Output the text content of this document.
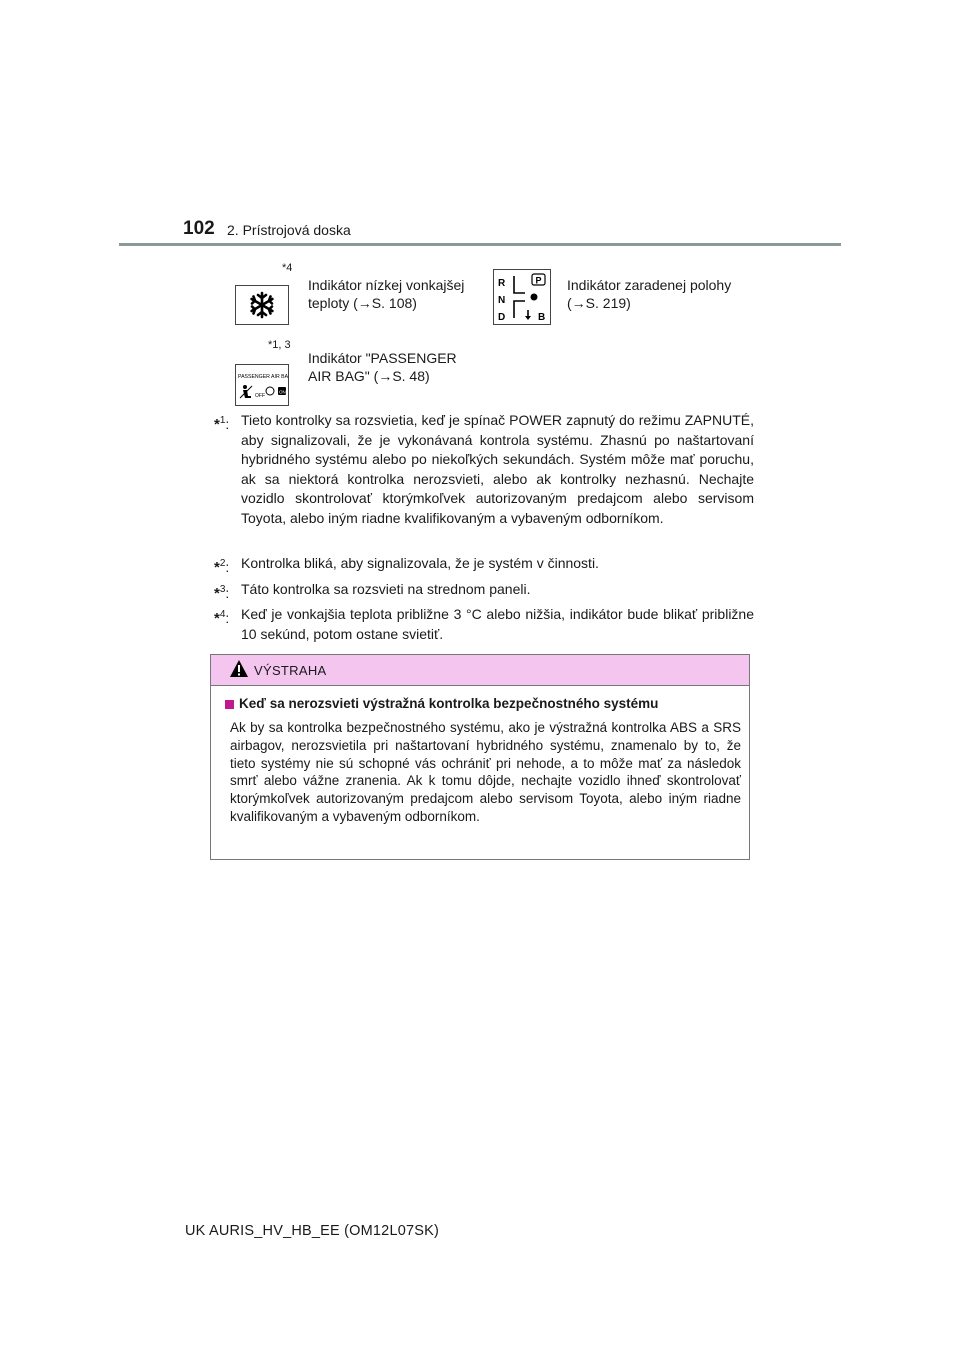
102 2. Prístrojová doska
*4
Indikátor nízkej vonkajšej teploty (→S. 108)
R
N
D	B
P Indikátor zaradenej polohy (→S. 219)
*1, 3
PASSENGER AIR BAG
OFF
ON
Indikátor "PASSENGER AIR BAG" (→S. 48)
*$^1$: Tieto kontrolky sa rozsvietia, keď je spínač POWER zapnutý do režimu ZAPNUTÉ, aby signalizovali, že je vykonávaná kontrola systému. Zhasnú po naštartovaní hybridného systému alebo po niekoľkých sekundách. Systém môže mať poruchu, ak sa niektorá kontrolka nerozsvieti, alebo ak kontrolky nezhasnú. Nechajte vozidlo skontrolovať ktorýmkoľvek autorizovaným predajcom alebo servisom Toyota, alebo iným riadne kvalifikovaným a vybaveným odborníkom.
*$^2$: Kontrolka bliká, aby signalizovala, že je systém v činnosti.
*$^3$: Táto kontrolka sa rozsvieti na strednom paneli.
*$^4$: Keď je vonkajšia teplota približne 3 °C alebo nižšia, indikátor bude blikať približne 10 sekúnd, potom ostane svietiť.
VÝSTRAHA
Keď sa nerozsvieti výstražná kontrolka bezpečnostného systému
Ak by sa kontrolka bezpečnostného systému, ako je výstražná kontrolka ABS a SRS airbagov, nerozsvietila pri naštartovaní hybridného systému, znamenalo by to, že tieto systémy nie sú schopné vás ochrániť pri nehode, a to môže mať za následok smrť alebo vážne zranenia. Ak k tomu dôjde, nechajte vozidlo ihneď skontrolovať ktorýmkoľvek autorizovaným predajcom alebo servisom Toyota, alebo iným riadne kvalifikovaným a vybaveným odborníkom.
UK AURIS_HV_HB_EE (OM12L07SK)
